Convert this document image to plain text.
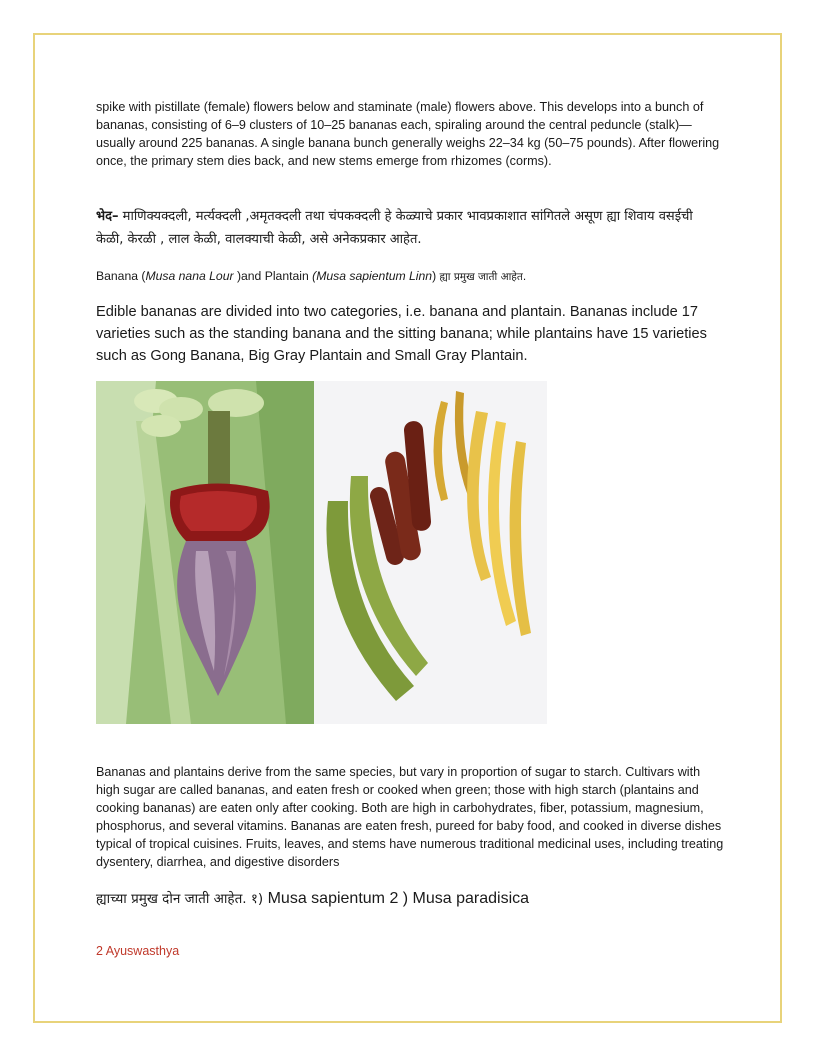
spike with pistillate (female) flowers below and staminate (male) flowers above. This develops into a bunch of bananas, consisting of 6–9 clusters of 10–25 bananas each, spiraling around the central peduncle (stalk)—usually around 225 bananas. A single banana bunch generally weighs 22–34 kg (50–75 pounds). After flowering once, the primary stem dies back, and new stems emerge from rhizomes (corms).
भेद– माणिक्यक्दली, मर्त्यक्दली ,अमृतक्दली तथा चंपकक्दली हे केळ्याचे प्रकार भावप्रकाशात सांगितले असूण ह्या शिवाय वसईची केळी, केरळी , लाल केळी, वालक्याची केळी, असे अनेकप्रकार आहेत.
Banana (Musa nana Lour )and Plantain (Musa sapientum Linn) ह्या प्रमुख जाती आहेत.
Edible bananas are divided into two categories, i.e. banana and plantain. Bananas include 17 varieties such as the standing banana and the sitting banana; while plantains have 15 varieties such as Gong Banana, Big Gray Plantain and Small Gray Plantain.
Bananas and plantains derive from the same species, but vary in proportion of sugar to starch. Cultivars with high sugar are called bananas, and eaten fresh or cooked when green; those with high starch (plantains and cooking bananas) are eaten only after cooking. Both are high in carbohydrates, fiber, potassium, magnesium, phosphorus, and several vitamins. Bananas are eaten fresh, pureed for baby food, and cooked in diverse dishes typical of tropical cuisines. Fruits, leaves, and stems have numerous traditional medicinal uses, including treating dysentery, diarrhea, and digestive disorders
ह्याच्या प्रमुख दोन जाती आहेत. १) Musa sapientum 2 ) Musa paradisica
2 Ayuswasthya
